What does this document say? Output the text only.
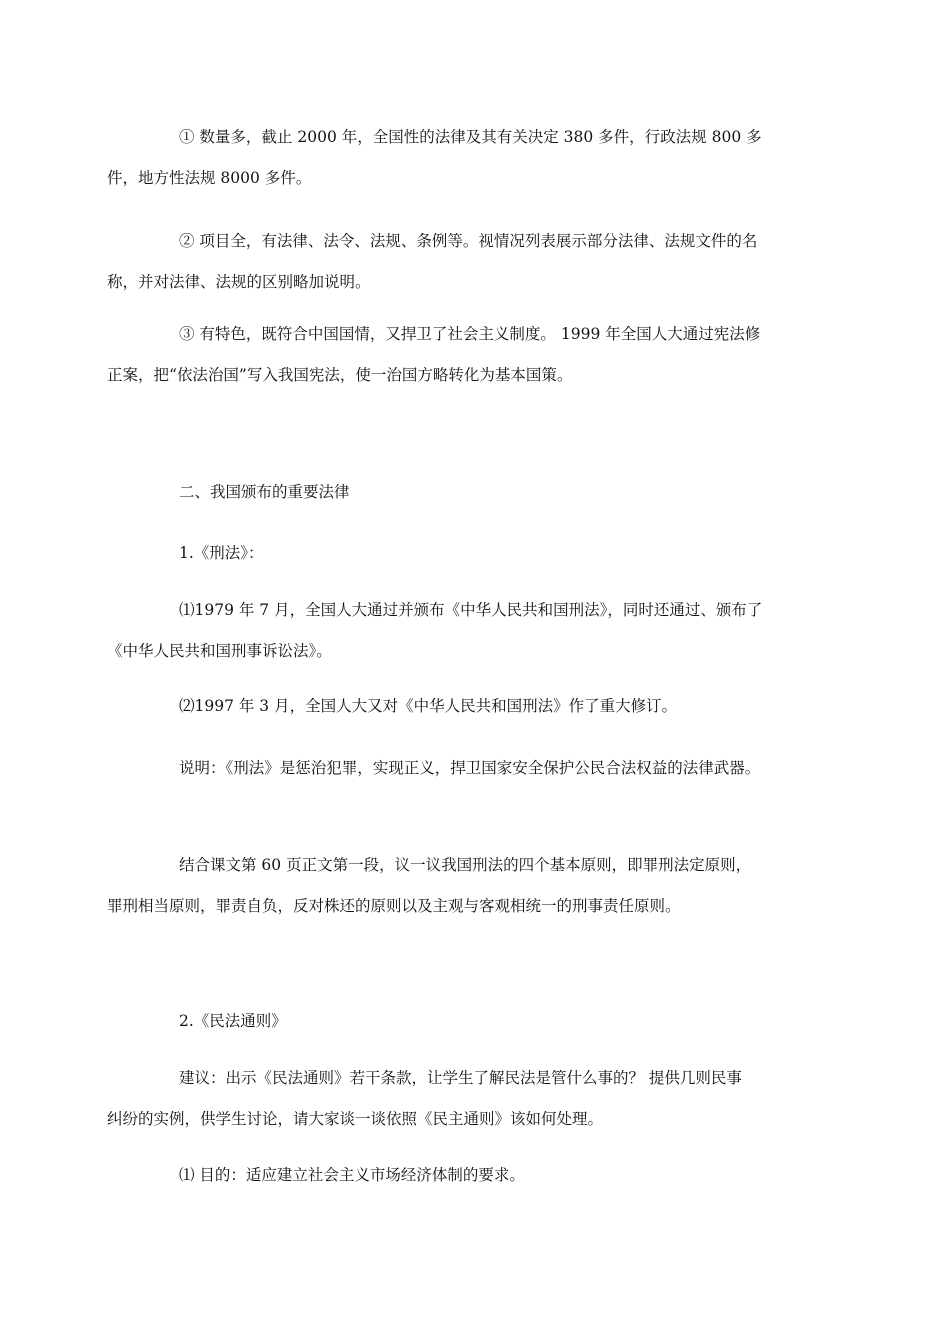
① 数量多，截止 2000 年，全国性的法律及其有关决定 380 多件，行政法规 800 多
件，地方性法规 8000 多件。
② 项目全，有法律、法令、法规、条例等。视情况列表展示部分法律、法规文件的名
称，并对法律、法规的区别略加说明。
③ 有特色，既符合中国国情，又捍卫了社会主义制度。 1999 年全国人大通过宪法修
正案，把“依法治国”写入我国宪法，使一治国方略转化为基本国策。

二、我国颁布的重要法律

1.《刑法》：

⑴1979 年 7 月，全国人大通过并颁布《中华人民共和国刑法》，同时还通过、颁布了
《中华人民共和国刑事诉讼法》。

⑵1997 年 3 月，全国人大又对《中华人民共和国刑法》作了重大修订。

说明：《刑法》是惩治犯罪，实现正义，捍卫国家安全保护公民合法权益的法律武器。

结合课文第 60 页正文第一段，议一议我国刑法的四个基本原则，即罪刑法定原则，
罪刑相当原则，罪责自负，反对株还的原则以及主观与客观相统一的刑事责任原则。

2.《民法通则》

建议：出示《民法通则》若干条款，让学生了解民法是管什么事的？ 提供几则民事
纠纷的实例，供学生讨论，请大家谈一谈依照《民主通则》该如何处理。

⑴ 目的：适应建立社会主义市场经济体制的要求。
